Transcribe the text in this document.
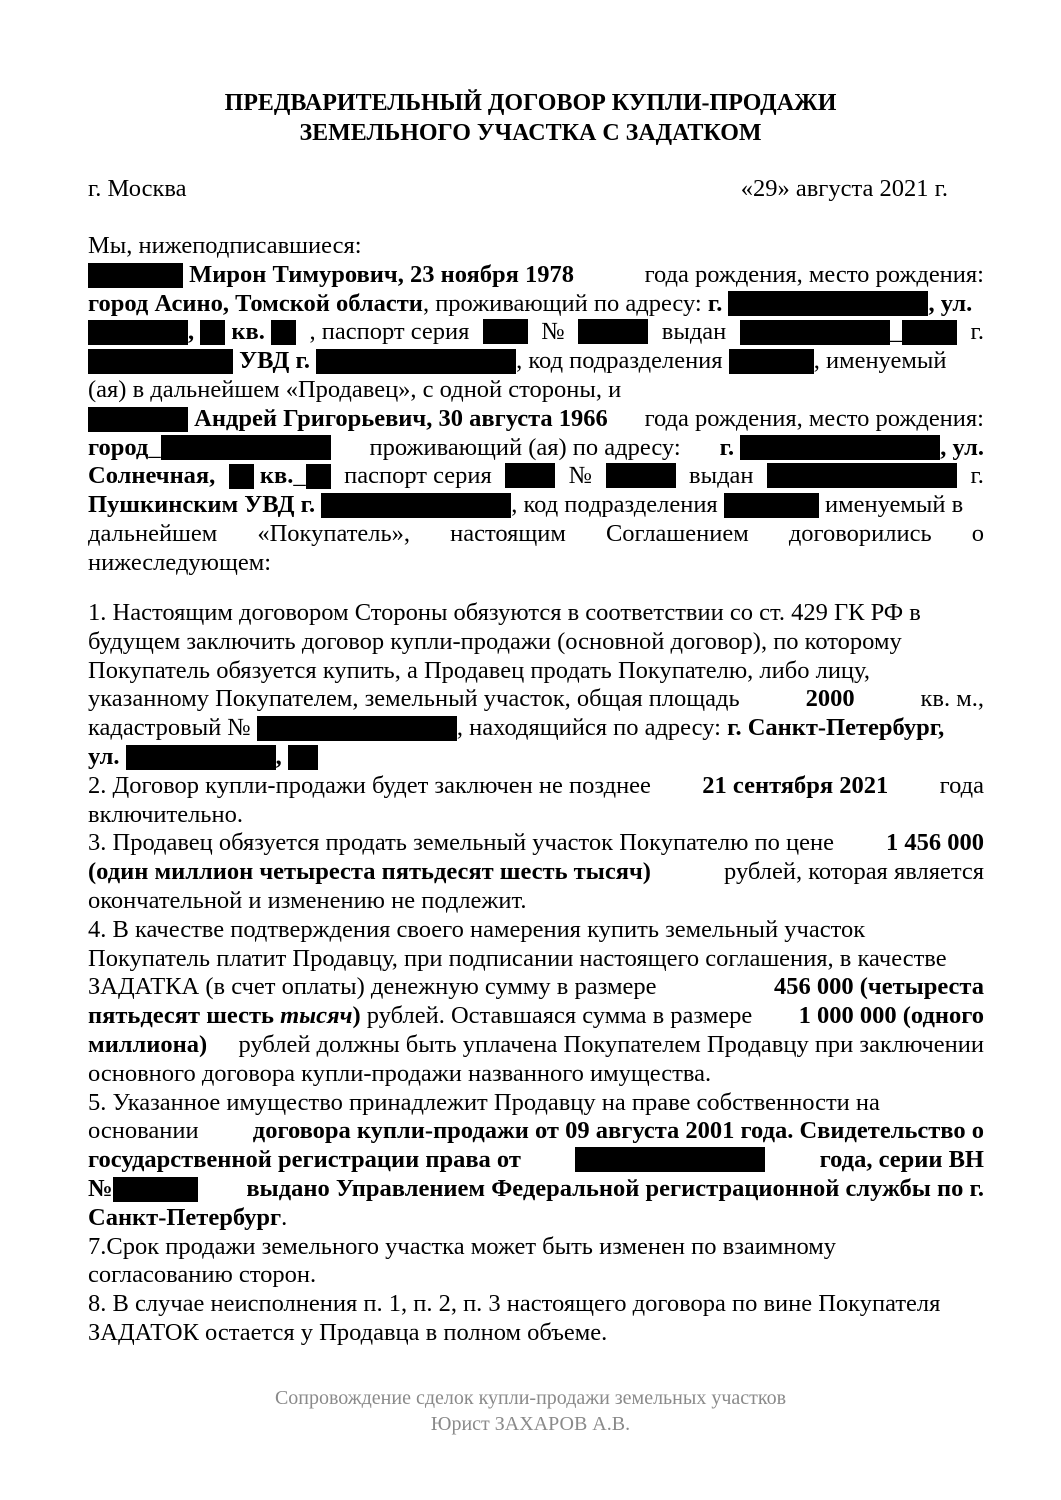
ПРЕДВАРИТЕЛЬНЫЙ ДОГОВОР КУПЛИ-ПРОДАЖИ
ЗЕМЕЛЬНОГО УЧАСТКА С ЗАДАТКОМ
г. Москва	«29» августа 2021 г.
Мы, нижеподписавшиеся:
Мирон Тимурович, 23 ноября 1978	года рождения, место рождения:
город Асино, Томской области, проживающий по адресу: г.	, ул.
, кв.	, паспорт серия	№	выдан	_	г.
УВД г.	, код подразделения	, именуемый
(ая) в дальнейшем «Продавец», с одной стороны, и
Андрей Григорьевич, 30 августа 1966 года рождения, место рождения:
город_	проживающий (ая) по адресу: г.	, ул.
Солнечная,	кв._	паспорт серия	№	выдан	г.
Пушкинским УВД г.	, код подразделения	именуемый в
дальнейшем «Покупатель», настоящим Соглашением договорились о
нижеследующем:
1. Настоящим договором Стороны обязуются в соответствии со ст. 429 ГК РФ в
будущем заключить договор купли-продажи (основной договор), по которому
Покупатель обязуется купить, а Продавец продать Покупателю, либо лицу,
указанному Покупателем, земельный участок, общая площадь	2000	кв. м.,
кадастровый №	, находящийся по адресу: г. Санкт-Петербург,
ул.	,
2. Договор купли-продажи будет заключен не позднее 21 сентября 2021 года
включительно.
3. Продавец обязуется продать земельный участок Покупателю по цене 1 456 000
(один миллион четыреста пятьдесят шесть тысяч)	рублей, которая является
окончательной и изменению не подлежит.
4. В качестве подтверждения своего намерения купить земельный участок
Покупатель платит Продавцу, при подписании настоящего соглашения, в качестве
ЗАДАТКА (в счет оплаты) денежную сумму в размере	456 000 (четыреста
пятьдесят шесть тысяч) рублей. Оставшаяся сумма в размере 1 000 000 (одного
миллиона) рублей должны быть уплачена Покупателем Продавцу при заключении
основного договора купли-продажи названного имущества.
5. Указанное имущество принадлежит Продавцу на праве собственности на
основании договора купли-продажи от 09 августа 2001 года. Свидетельство о
государственной регистрации права от	года, серии ВН
№	выдано Управлением Федеральной регистрационной службы по г.
Санкт-Петербург.
7.Срок продажи земельного участка может быть изменен по взаимному
согласованию сторон.
8. В случае неисполнения п. 1, п. 2, п. 3 настоящего договора по вине Покупателя
ЗАДАТОК остается у Продавца в полном объеме.
Сопровождение сделок купли-продажи земельных участков
Юрист ЗАХАРОВ А.В.
